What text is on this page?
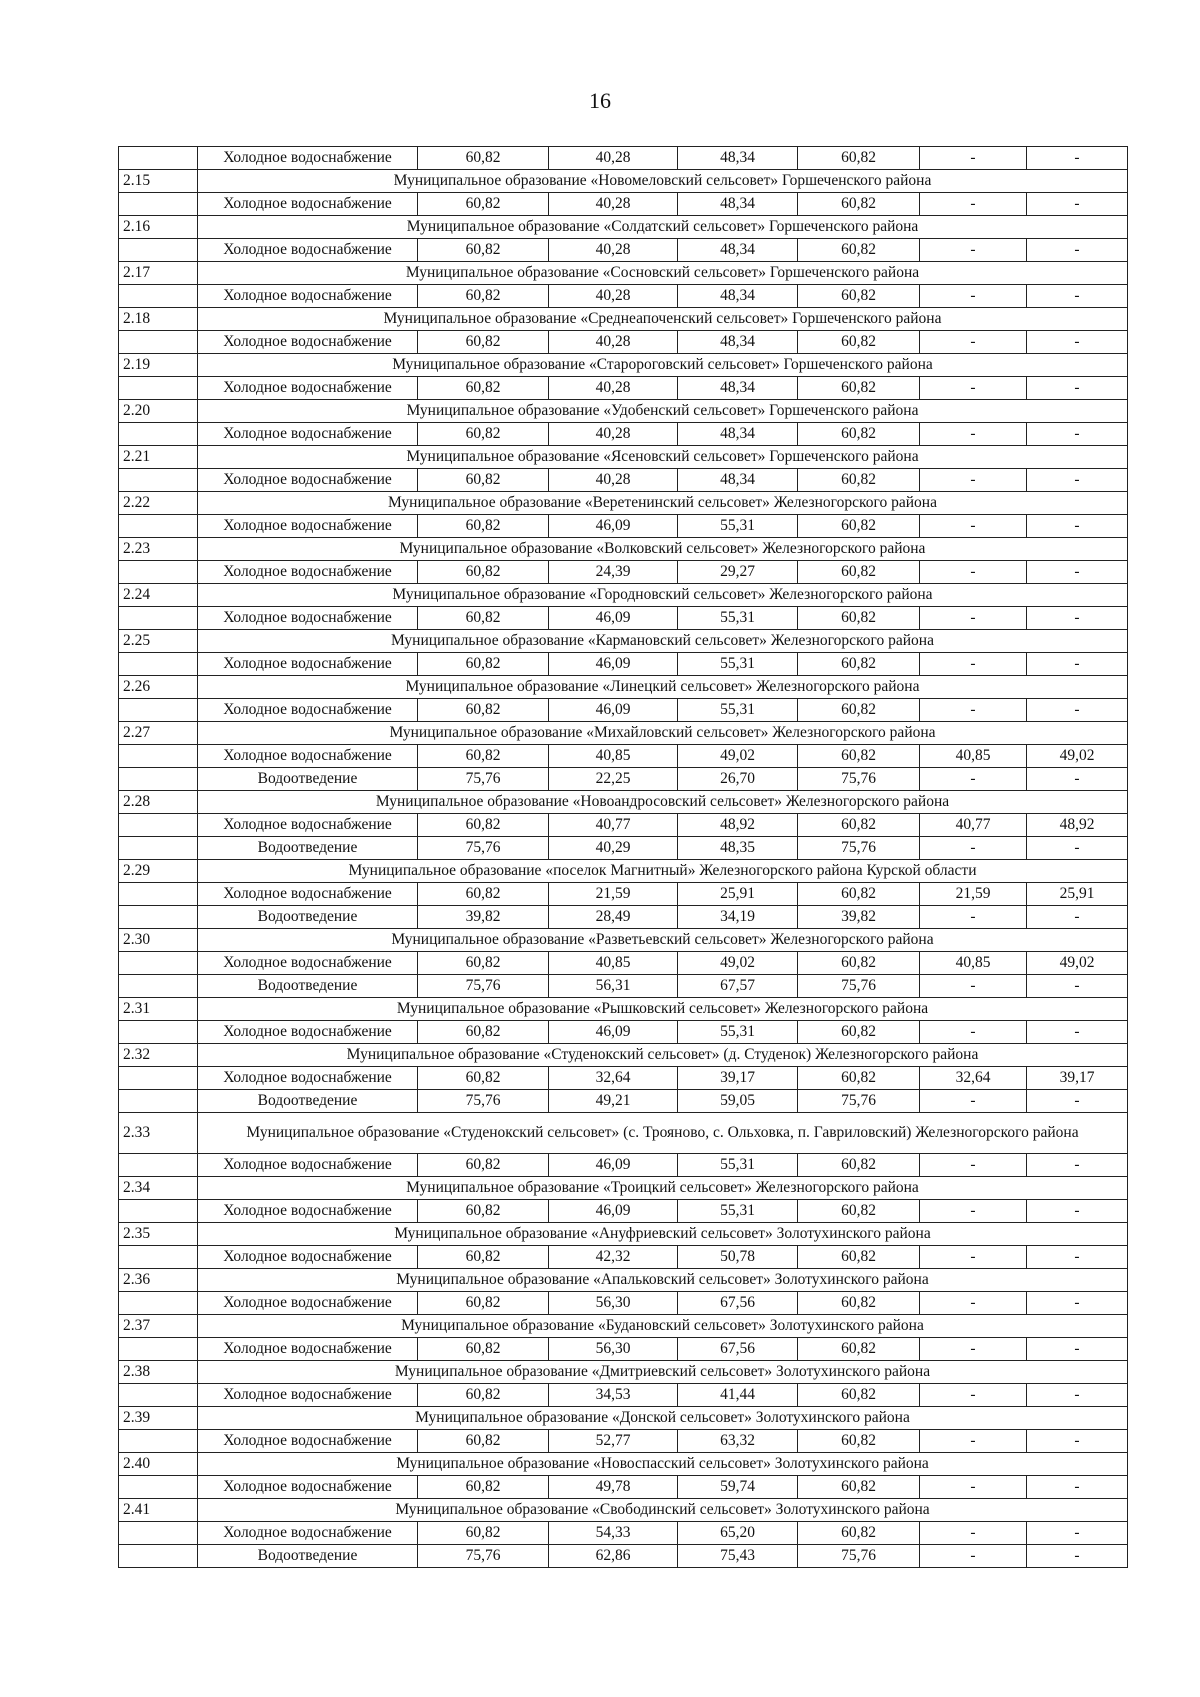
16
	Холодное водоснабжение	60,82	40,28	48,34	60,82	-	-
2.15	Муниципальное образование «Новомеловский сельсовет» Горшеченского района						
	Холодное водоснабжение	60,82	40,28	48,34	60,82	-	-
2.16	Муниципальное образование «Солдатский сельсовет» Горшеченского района						
	Холодное водоснабжение	60,82	40,28	48,34	60,82	-	-
2.17	Муниципальное образование «Сосновский сельсовет» Горшеченского района						
	Холодное водоснабжение	60,82	40,28	48,34	60,82	-	-
2.18	Муниципальное образование «Среднеапоченский сельсовет» Горшеченского района						
	Холодное водоснабжение	60,82	40,28	48,34	60,82	-	-
2.19	Муниципальное образование «Старороговский сельсовет» Горшеченского района						
	Холодное водоснабжение	60,82	40,28	48,34	60,82	-	-
2.20	Муниципальное образование «Удобенский сельсовет» Горшеченского района						
	Холодное водоснабжение	60,82	40,28	48,34	60,82	-	-
2.21	Муниципальное образование «Ясеновский сельсовет» Горшеченского района						
	Холодное водоснабжение	60,82	40,28	48,34	60,82	-	-
2.22	Муниципальное образование «Веретенинский сельсовет» Железногорского района						
	Холодное водоснабжение	60,82	46,09	55,31	60,82	-	-
2.23	Муниципальное образование «Волковский сельсовет» Железногорского района						
	Холодное водоснабжение	60,82	24,39	29,27	60,82	-	-
2.24	Муниципальное образование «Городновский сельсовет» Железногорского района						
	Холодное водоснабжение	60,82	46,09	55,31	60,82	-	-
2.25	Муниципальное образование «Кармановский сельсовет» Железногорского района						
	Холодное водоснабжение	60,82	46,09	55,31	60,82	-	-
2.26	Муниципальное образование «Линецкий сельсовет» Железногорского района						
	Холодное водоснабжение	60,82	46,09	55,31	60,82	-	-
2.27	Муниципальное образование «Михайловский сельсовет» Железногорского района						
	Холодное водоснабжение	60,82	40,85	49,02	60,82	40,85	49,02
	Водоотведение	75,76	22,25	26,70	75,76	-	-
2.28	Муниципальное образование «Новоандросовский сельсовет» Железногорского района						
	Холодное водоснабжение	60,82	40,77	48,92	60,82	40,77	48,92
	Водоотведение	75,76	40,29	48,35	75,76	-	-
2.29	Муниципальное образование «поселок Магнитный» Железногорского района Курской области						
	Холодное водоснабжение	60,82	21,59	25,91	60,82	21,59	25,91
	Водоотведение	39,82	28,49	34,19	39,82	-	-
2.30	Муниципальное образование «Разветьевский сельсовет» Железногорского района						
	Холодное водоснабжение	60,82	40,85	49,02	60,82	40,85	49,02
	Водоотведение	75,76	56,31	67,57	75,76	-	-
2.31	Муниципальное образование «Рышковский сельсовет» Железногорского района						
	Холодное водоснабжение	60,82	46,09	55,31	60,82	-	-
2.32	Муниципальное образование «Студенокский сельсовет» (д. Студенок) Железногорского района						
	Холодное водоснабжение	60,82	32,64	39,17	60,82	32,64	39,17
	Водоотведение	75,76	49,21	59,05	75,76	-	-
2.33	Муниципальное образование «Студенокский сельсовет» (с. Трояново, с. Ольховка, п. Гавриловский) Железногорского района						
	Холодное водоснабжение	60,82	46,09	55,31	60,82	-	-
2.34	Муниципальное образование «Троицкий сельсовет» Железногорского района						
	Холодное водоснабжение	60,82	46,09	55,31	60,82	-	-
2.35	Муниципальное образование «Ануфриевский сельсовет» Золотухинского района						
	Холодное водоснабжение	60,82	42,32	50,78	60,82	-	-
2.36	Муниципальное образование «Апальковский сельсовет» Золотухинского района						
	Холодное водоснабжение	60,82	56,30	67,56	60,82	-	-
2.37	Муниципальное образование «Будановский сельсовет» Золотухинского района						
	Холодное водоснабжение	60,82	56,30	67,56	60,82	-	-
2.38	Муниципальное образование «Дмитриевский сельсовет» Золотухинского района						
	Холодное водоснабжение	60,82	34,53	41,44	60,82	-	-
2.39	Муниципальное образование «Донской сельсовет» Золотухинского района						
	Холодное водоснабжение	60,82	52,77	63,32	60,82	-	-
2.40	Муниципальное образование «Новоспасский сельсовет» Золотухинского района						
	Холодное водоснабжение	60,82	49,78	59,74	60,82	-	-
2.41	Муниципальное образование «Свободинский сельсовет» Золотухинского района						
	Холодное водоснабжение	60,82	54,33	65,20	60,82	-	-
	Водоотведение	75,76	62,86	75,43	75,76	-	-
